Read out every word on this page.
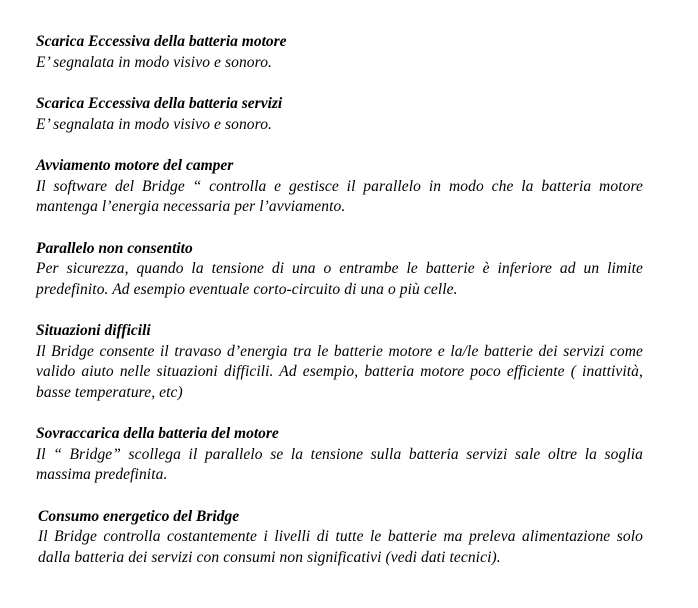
Scarica Eccessiva della batteria motore
E’ segnalata in modo visivo e sonoro.
Scarica Eccessiva della batteria servizi
E’ segnalata in modo visivo e sonoro.
Avviamento motore del camper
Il software del Bridge “ controlla e gestisce il parallelo in modo che la batteria motore mantenga l’energia necessaria per l’avviamento.
Parallelo non consentito
Per sicurezza, quando la tensione di una o entrambe le batterie è inferiore ad un limite predefinito. Ad esempio eventuale corto-circuito di una o più celle.
Situazioni difficili
Il Bridge consente il travaso d’energia tra le batterie motore e la/le batterie dei servizi come valido aiuto nelle situazioni difficili. Ad esempio, batteria motore poco efficiente ( inattività, basse temperature, etc)
Sovraccarica della batteria del motore
Il “ Bridge” scollega il parallelo se la tensione sulla batteria servizi sale oltre la soglia massima predefinita.
Consumo energetico del Bridge
Il Bridge controlla costantemente i livelli di tutte le batterie ma preleva alimentazione solo dalla batteria dei servizi con consumi non significativi (vedi dati tecnici).
